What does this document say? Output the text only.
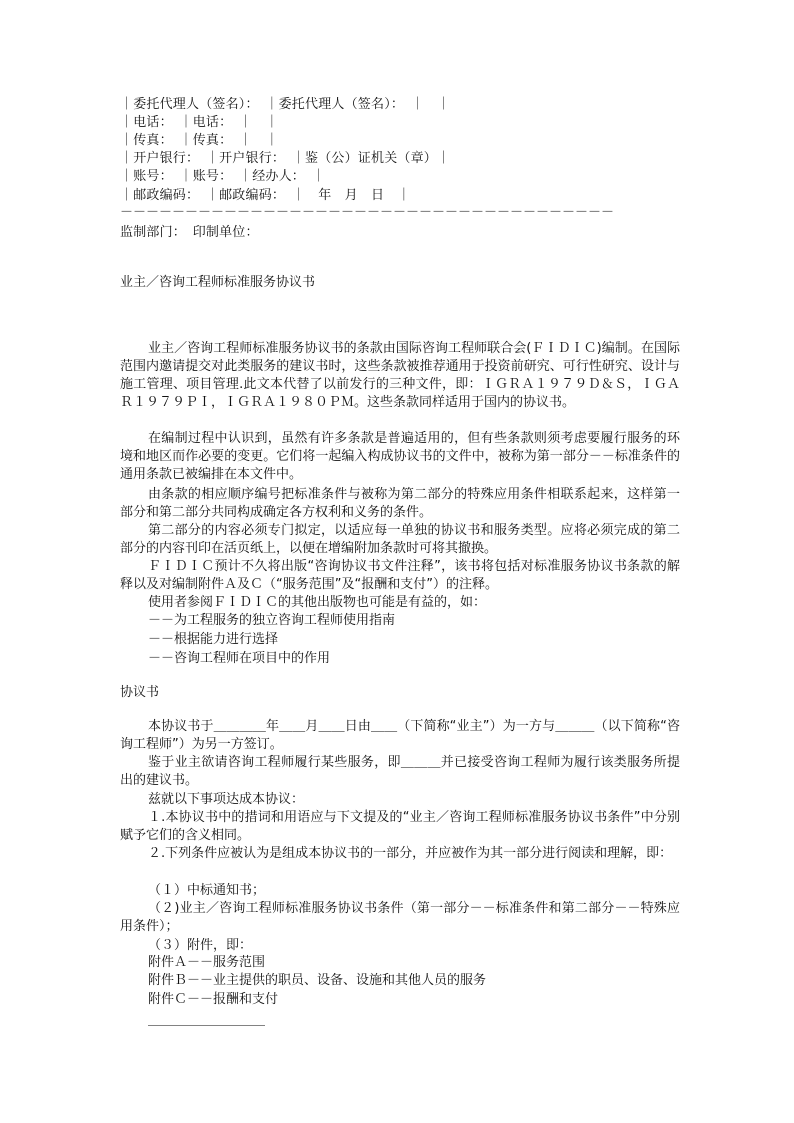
｜委托代理人（签名）：　｜委托代理人（签名）：　｜　｜
｜电话：　｜电话：　｜　｜
｜传真：　｜传真：　｜　｜
｜开户银行：　｜开户银行：　｜鉴（公）证机关（章）｜
｜账号：　｜账号：　｜经办人：　｜
｜邮政编码：　｜邮政编码：　｜　年　月　日　｜
－－－－－－－－－－－－－－－－－－－－－－－－－－－－－－－－－－－－－－
监制部门：　印制单位：
业主／咨询工程师标准服务协议书
业主／咨询工程师标准服务协议书的条款由国际咨询工程师联合会(ＦＩＤＩＣ)编制。在国际范围内邀请提交对此类服务的建议书时，这些条款被推荐通用于投资前研究、可行性研究、设计与施工管理、项目管理.此文本代替了以前发行的三种文件，即：ＩＧＲＡ１９７９Ｄ＆Ｓ，ＩＧＡＲ１９７９ＰＩ，ＩＧＲＡ１９８０ＰＭ。这些条款同样适用于国内的协议书。
在编制过程中认识到，虽然有许多条款是普遍适用的，但有些条款则须考虑要履行服务的环境和地区而作必要的变更。它们将一起编入构成协议书的文件中，被称为第一部分－－标准条件的通用条款已被编排在本文件中。
由条款的相应顺序编号把标准条件与被称为第二部分的特殊应用条件相联系起来，这样第一部分和第二部分共同构成确定各方权利和义务的条件。
第二部分的内容必须专门拟定，以适应每一单独的协议书和服务类型。应将必须完成的第二部分的内容刊印在活页纸上，以便在增编附加条款时可将其撤换。
ＦＩＤＩＣ预计不久将出版“咨询协议书文件注释”，该书将包括对标准服务协议书条款的解释以及对编制附件Ａ及Ｃ（“服务范围”及“报酬和支付”）的注释。
使用者参阅ＦＩＤＩＣ的其他出版物也可能是有益的，如：
－－为工程服务的独立咨询工程师使用指南
－－根据能力进行选择
－－咨询工程师在项目中的作用
协议书
本协议书于＿＿＿＿年＿＿月＿＿日由＿＿（下简称“业主”）为一方与＿＿＿（以下简称“咨询工程师”）为另一方签订。
鉴于业主欲请咨询工程师履行某些服务，即＿＿＿并已接受咨询工程师为履行该类服务所提出的建议书。
兹就以下事项达成本协议：
１.本协议书中的措词和用语应与下文提及的“业主／咨询工程师标准服务协议书条件”中分别赋予它们的含义相同。
２.下列条件应被认为是组成本协议书的一部分，并应被作为其一部分进行阅读和理解，即：
（１）中标通知书；
（２)业主／咨询工程师标准服务协议书条件（第一部分－－标准条件和第二部分－－特殊应用条件）；
（３）附件，即：
附件Ａ－－服务范围
附件Ｂ－－业主提供的职员、设备、设施和其他人员的服务
附件Ｃ－－报酬和支付
＿＿＿＿＿＿＿＿＿
